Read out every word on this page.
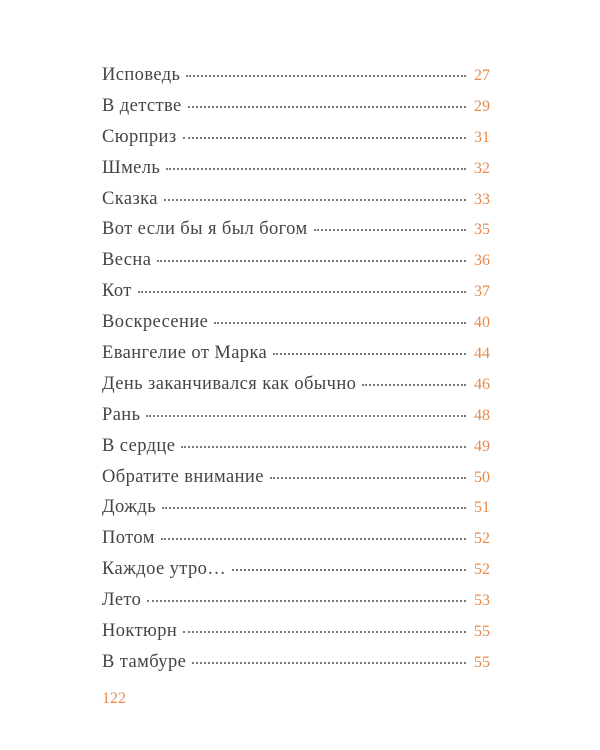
Исповедь	27
В детстве	29
Сюрприз	31
Шмель	32
Сказка	33
Вот если бы я был богом	35
Весна	36
Кот	37
Воскресение	40
Евангелие от Марка	44
День заканчивался как обычно	46
Рань	48
В сердце	49
Обратите внимание	50
Дождь	51
Потом	52
Каждое утро…	52
Лето	53
Ноктюрн	55
В тамбуре	55
122
